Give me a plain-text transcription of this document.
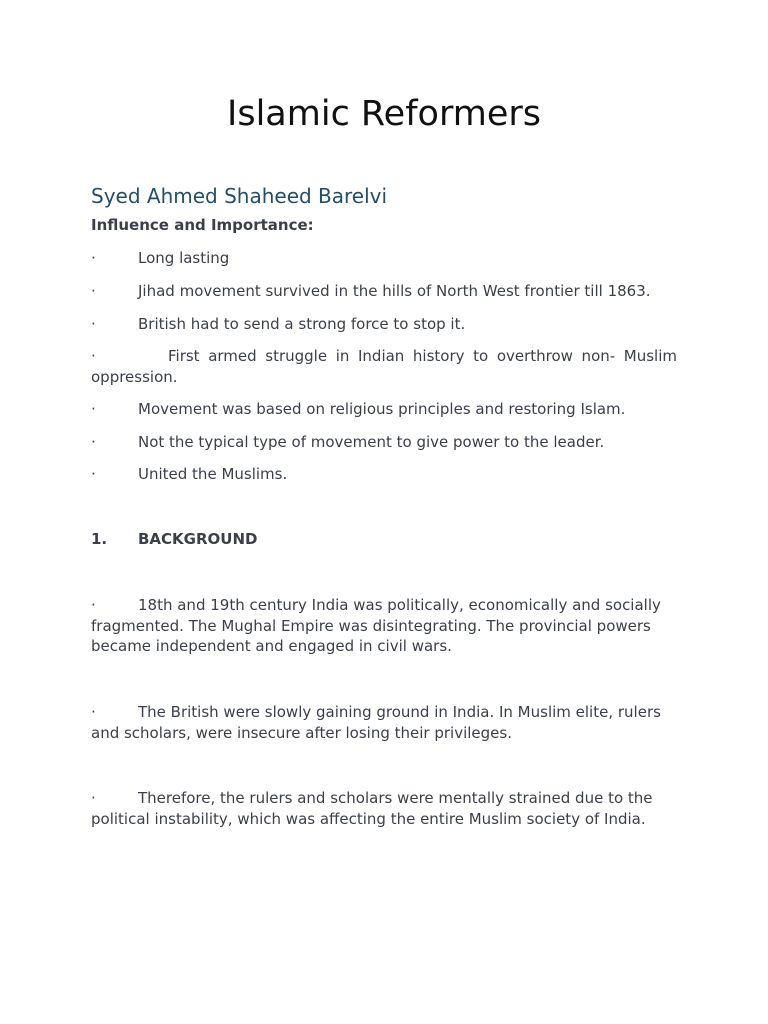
Islamic Reformers
Syed Ahmed Shaheed Barelvi
Influence and Importance:
·	Long lasting
·	Jihad movement survived in the hills of North West frontier till 1863.
·	British had to send a strong force to stop it.
·	First armed struggle in Indian history to overthrow non- Muslim oppression.
·	Movement was based on religious principles and restoring Islam.
·	Not the typical type of movement to give power to the leader.
·	United the Muslims.
1. BACKGROUND
·	18th and 19th century India was politically, economically and socially fragmented. The Mughal Empire was disintegrating. The provincial powers became independent and engaged in civil wars.
·	The British were slowly gaining ground in India. In Muslim elite, rulers and scholars, were insecure after losing their privileges.
·	Therefore, the rulers and scholars were mentally strained due to the political instability, which was affecting the entire Muslim society of India.
